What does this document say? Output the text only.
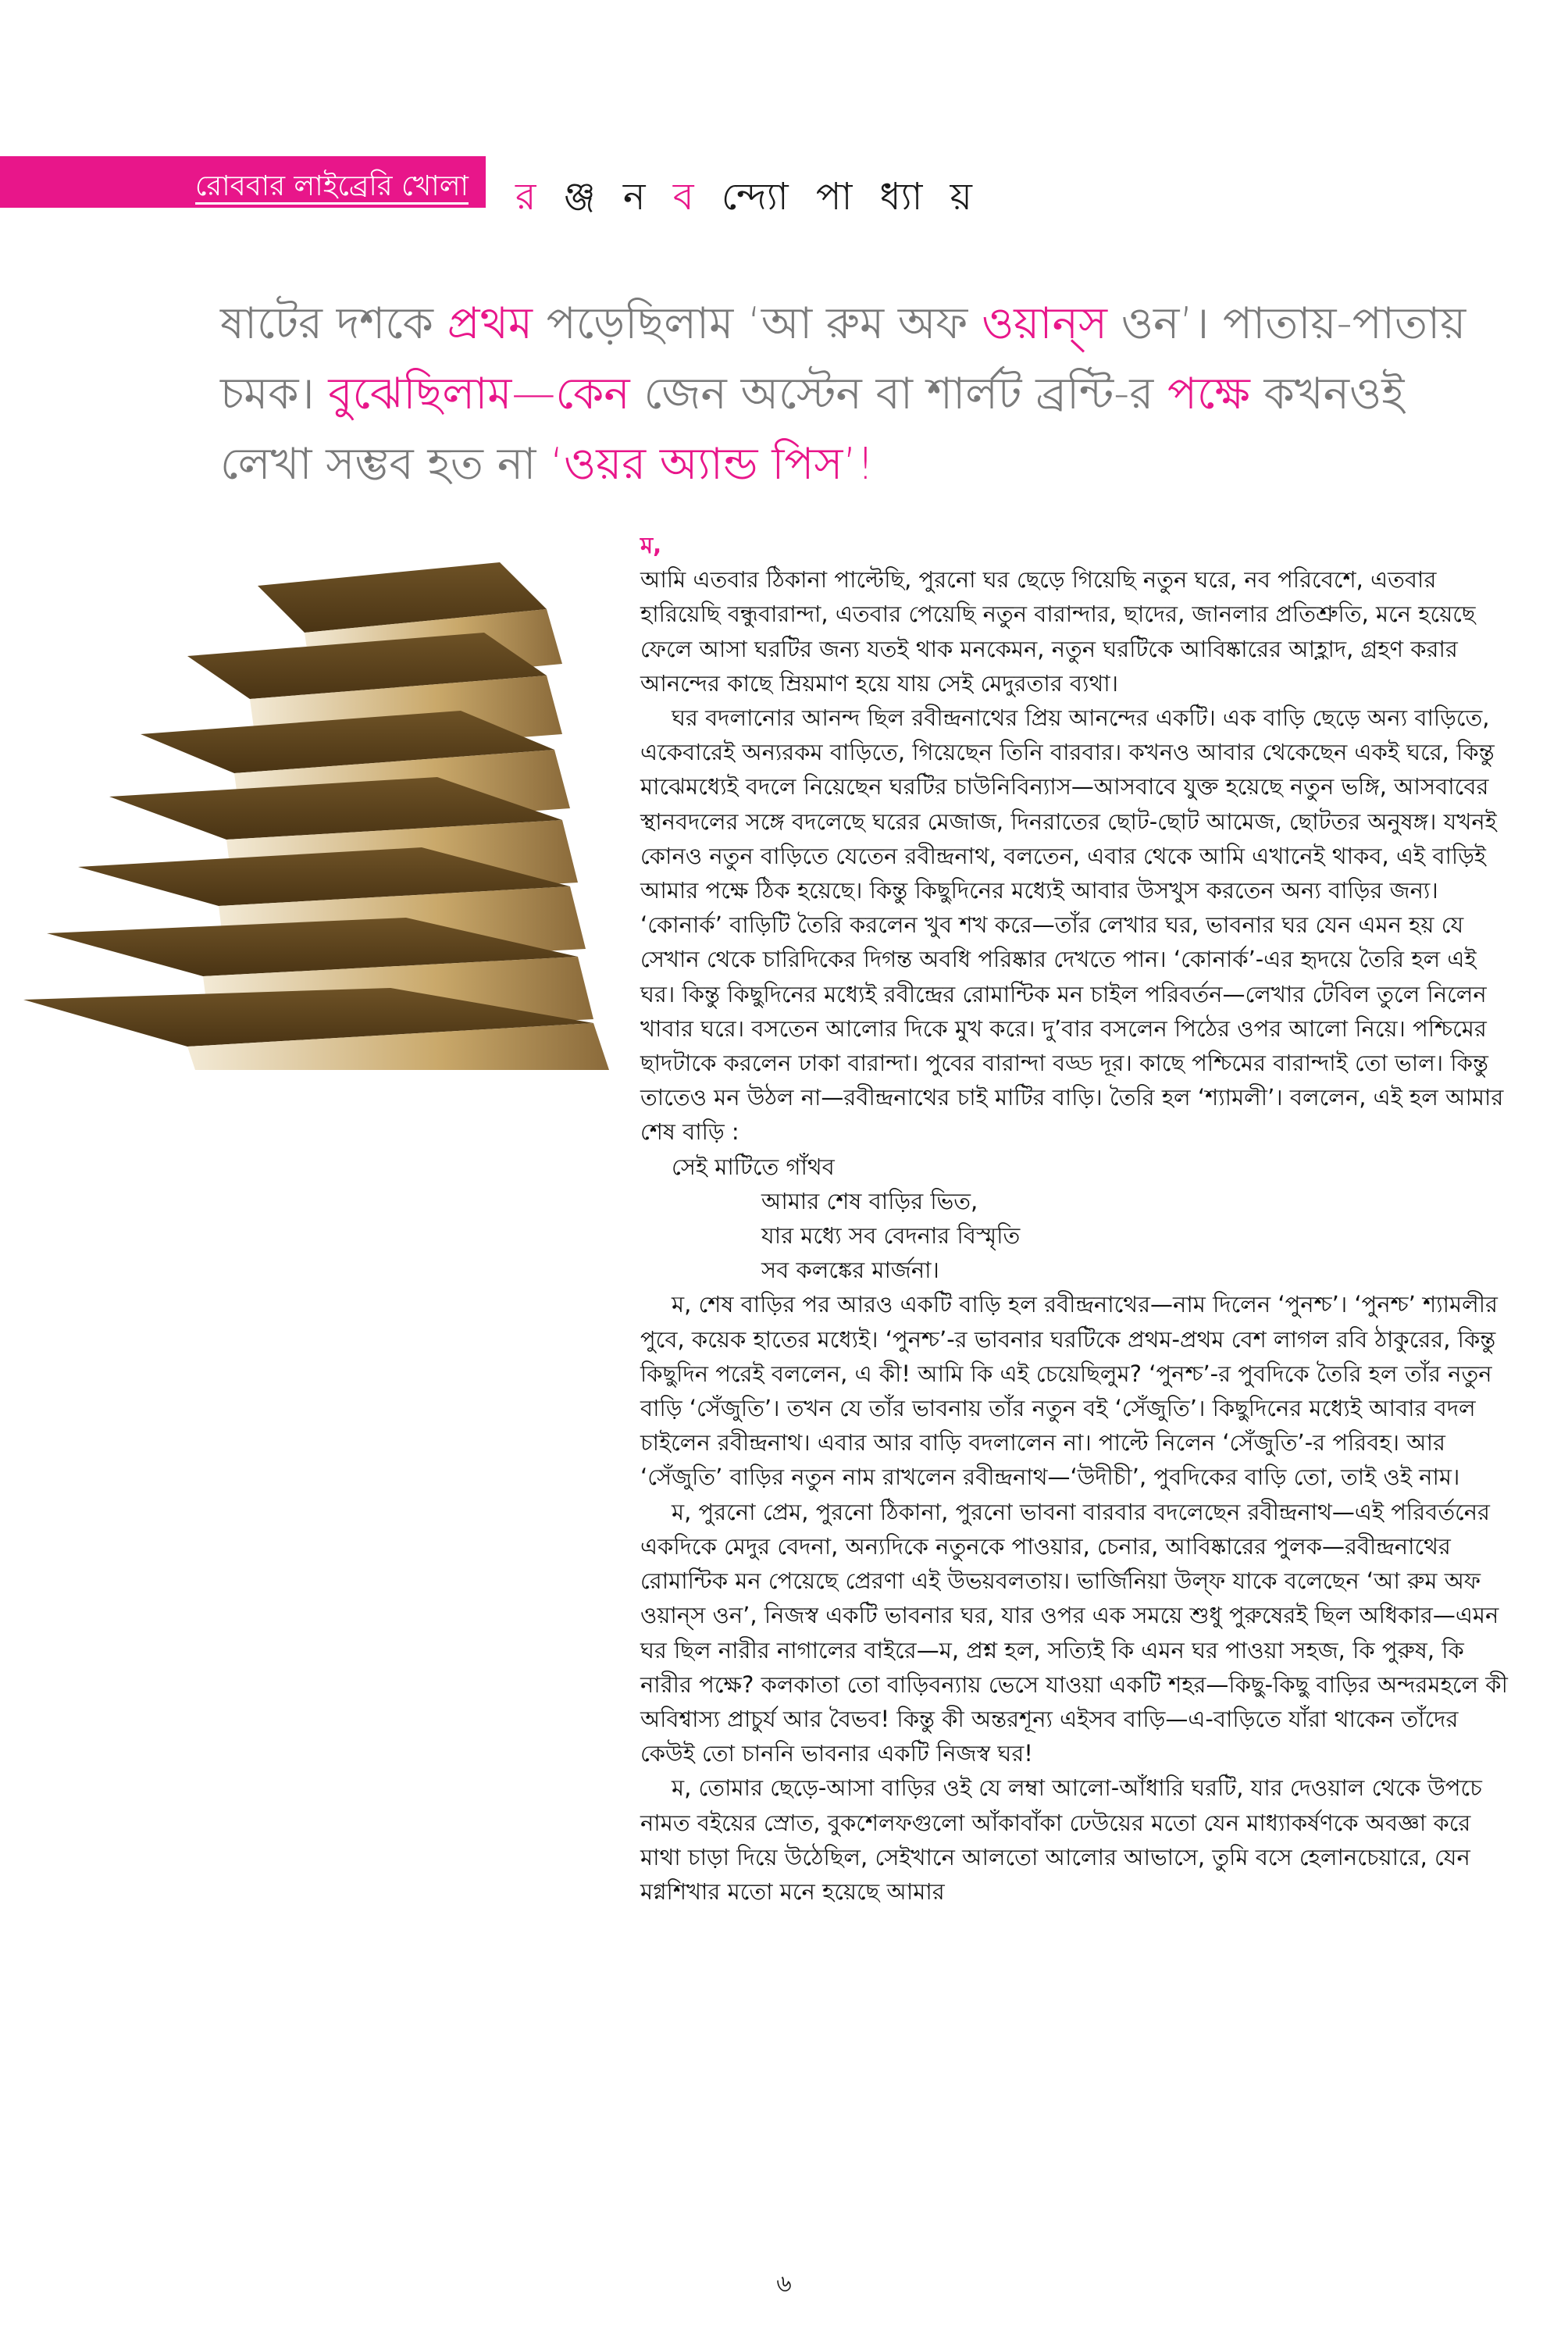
রোববার লাইব্রেরি খোলা র ঞ্জ ন ব ন্দ্যো পা ধ্যা য়
ষাটের দশকে প্রথম পড়েছিলাম ‘আ রুম অফ ওয়ান্‌স ওন’। পাতায়-পাতায় চমক। বুঝেছিলাম—কেন জেন অস্টেন বা শার্লট ব্রন্টি-র পক্ষে কখনওই লেখা সম্ভব হত না ‘ওয়র অ্যান্ড পিস’!

ম,

আমি এতবার ঠিকানা পাল্টেছি, পুরনো ঘর ছেড়ে গিয়েছি নতুন ঘরে, নব পরিবেশে, এতবার হারিয়েছি বন্ধুবারান্দা, এতবার পেয়েছি নতুন বারান্দার, ছাদের, জানলার প্রতিশ্রুতি, মনে হয়েছে ফেলে আসা ঘরটির জন্য যতই থাক মনকেমন, নতুন ঘরটিকে আবিষ্কারের আহ্লাদ, গ্রহণ করার আনন্দের কাছে ম্রিয়মাণ হয়ে যায় সেই মেদুরতার ব্যথা।

ঘর বদলানোর আনন্দ ছিল রবীন্দ্রনাথের প্রিয় আনন্দের একটি। এক বাড়ি ছেড়ে অন্য বাড়িতে, একেবারেই অন্যরকম বাড়িতে, গিয়েছেন তিনি বারবার। কখনও আবার থেকেছেন একই ঘরে, কিন্তু মাঝেমধ্যেই বদলে নিয়েছেন ঘরটির চাউনিবিন্যাস—আসবাবে যুক্ত হয়েছে নতুন ভঙ্গি, আসবাবের স্থানবদলের সঙ্গে বদলেছে ঘরের মেজাজ, দিনরাতের ছোট-ছোট আমেজ, ছোটতর অনুষঙ্গ। যখনই কোনও নতুন বাড়িতে যেতেন রবীন্দ্রনাথ, বলতেন, এবার থেকে আমি এখানেই থাকব, এই বাড়িই আমার পক্ষে ঠিক হয়েছে। কিন্তু কিছুদিনের মধ্যেই আবার উসখুস করতেন অন্য বাড়ির জন্য। ‘কোনার্ক’ বাড়িটি তৈরি করলেন খুব শখ করে—তাঁর লেখার ঘর, ভাবনার ঘর যেন এমন হয় যে সেখান থেকে চারিদিকের দিগন্ত অবধি পরিষ্কার দেখতে পান। ‘কোনার্ক’-এর হৃদয়ে তৈরি হল এই ঘর। কিন্তু কিছুদিনের মধ্যেই রবীন্দ্রের রোমান্টিক মন চাইল পরিবর্তন—লেখার টেবিল তুলে নিলেন খাবার ঘরে। বসতেন আলোর দিকে মুখ করে। দু’বার বসলেন পিঠের ওপর আলো নিয়ে। পশ্চিমের ছাদটাকে করলেন ঢাকা বারান্দা। পুবের বারান্দা বড্ড দূর। কাছে পশ্চিমের বারান্দাই তো ভাল। কিন্তু তাতেও মন উঠল না—রবীন্দ্রনাথের চাই মাটির বাড়ি। তৈরি হল ‘শ্যামলী’। বললেন, এই হল আমার শেষ বাড়ি :

সেই মাটিতে গাঁথব
আমার শেষ বাড়ির ভিত,
যার মধ্যে সব বেদনার বিস্মৃতি
সব কলঙ্কের মার্জনা।

ম, শেষ বাড়ির পর আরও একটি বাড়ি হল রবীন্দ্রনাথের—নাম দিলেন ‘পুনশ্চ’। ‘পুনশ্চ’ শ্যামলীর পুবে, কয়েক হাতের মধ্যেই। ‘পুনশ্চ’-র ভাবনার ঘরটিকে প্রথম-প্রথম বেশ লাগল রবি ঠাকুরের, কিন্তু কিছুদিন পরেই বললেন, এ কী! আমি কি এই চেয়েছিলুম? ‘পুনশ্চ’-র পুবদিকে তৈরি হল তাঁর নতুন বাড়ি ‘সেঁজুতি’। তখন যে তাঁর ভাবনায় তাঁর নতুন বই ‘সেঁজুতি’। কিছুদিনের মধ্যেই আবার বদল চাইলেন রবীন্দ্রনাথ। এবার আর বাড়ি বদলালেন না। পাল্টে নিলেন ‘সেঁজুতি’-র পরিবহ। আর ‘সেঁজুতি’ বাড়ির নতুন নাম রাখলেন রবীন্দ্রনাথ—‘উদীচী’, পুবদিকের বাড়ি তো, তাই ওই নাম।

ম, পুরনো প্রেম, পুরনো ঠিকানা, পুরনো ভাবনা বারবার বদলেছেন রবীন্দ্রনাথ—এই পরিবর্তনের একদিকে মেদুর বেদনা, অন্যদিকে নতুনকে পাওয়ার, চেনার, আবিষ্কারের পুলক—রবীন্দ্রনাথের রোমান্টিক মন পেয়েছে প্রেরণা এই উভয়বলতায়। ভার্জিনিয়া উল্‌ফ যাকে বলেছেন ‘আ রুম অফ ওয়ান্‌স ওন’, নিজস্ব একটি ভাবনার ঘর, যার ওপর এক সময়ে শুধু পুরুষেরই ছিল অধিকার—এমন ঘর ছিল নারীর নাগালের বাইরে—ম, প্রশ্ন হল, সত্যিই কি এমন ঘর পাওয়া সহজ, কি পুরুষ, কি নারীর পক্ষে? কলকাতা তো বাড়িবন্যায় ভেসে যাওয়া একটি শহর—কিছু-কিছু বাড়ির অন্দরমহলে কী অবিশ্বাস্য প্রাচুর্য আর বৈভব! কিন্তু কী অন্তরশূন্য এইসব বাড়ি—এ-বাড়িতে যাঁরা থাকেন তাঁদের কেউই তো চাননি ভাবনার একটি নিজস্ব ঘর!

ম, তোমার ছেড়ে-আসা বাড়ির ওই যে লম্বা আলো-আঁধারি ঘরটি, যার দেওয়াল থেকে উপচে নামত বইয়ের স্রোত, বুকশেলফগুলো আঁকাবাঁকা ঢেউয়ের মতো যেন মাধ্যাকর্ষণকে অবজ্ঞা করে মাথা চাড়া দিয়ে উঠেছিল, সেইখানে আলতো আলোর আভাসে, তুমি বসে হেলানচেয়ারে, যেন মগ্নশিখার মতো মনে হয়েছে আমার

৬
